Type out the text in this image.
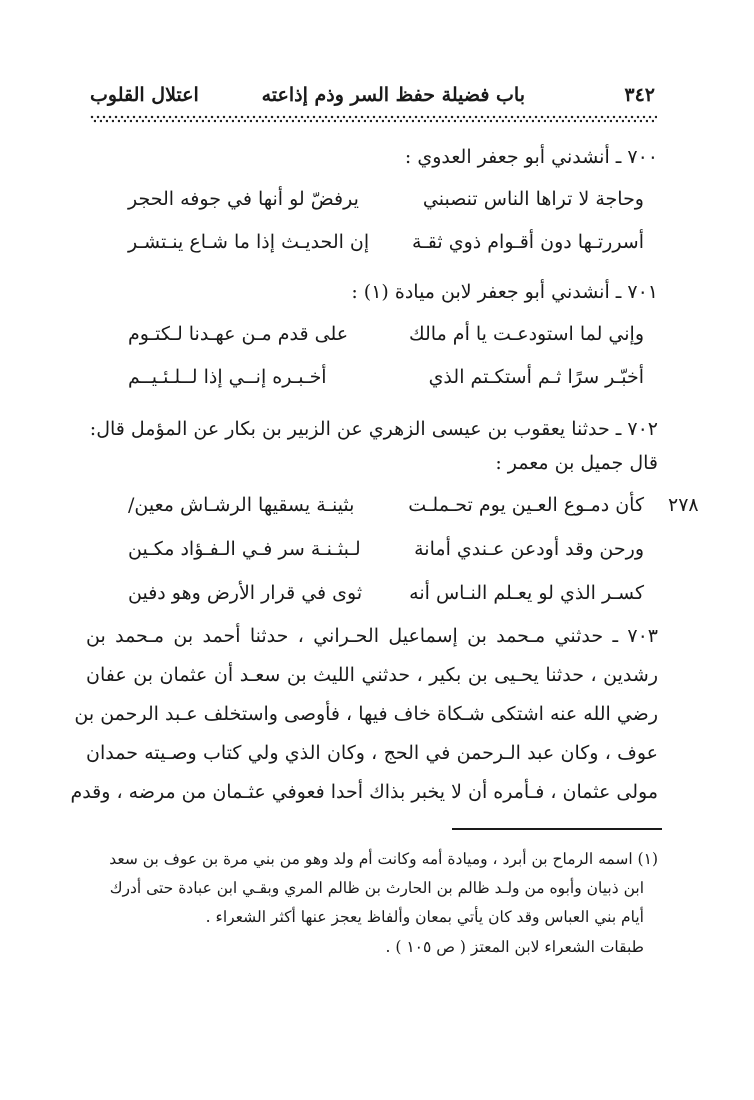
٣٤٢
باب فضيلة حفظ السر وذم إذاعته
اعتلال القلوب
٧٠٠ ـ أنشدني أبو جعفر العدوي :
وحاجة لا تراها الناس تنصبني
يرفضّ لو أنها في جوفه الحجر
أسررتـها دون أقـوام ذوي ثقـة
إن الحديـث إذا ما شـاع ينـتشـر
٧٠١ ـ أنشدني أبو جعفر لابن ميادة (١) :
وإني لما استودعـت يا أم مالك
على قدم مـن عهـدنا لـكتـوم
أخبّـر سرًا ثـم أستكـتم الذي
أخـبـره إنــي إذا لــلـئـيــم
٧٠٢ ـ حدثنا يعقوب بن عيسى الزهري عن الزبير بن بكار عن المؤمل قال:
قال جميل بن معمر :
٢٧٨
كأن دمـوع العـين يوم تحـملـت
بثينـة يسقيها الرشـاش معين/
ورحن وقد أودعن عـندي أمانة
لـبثـنـة سر فـي الـفـؤاد مكـين
كسـر الذي لو يعـلم النـاس أنه
ثوى في قرار الأرض وهو دفين
٧٠٣ ـ حدثني مـحمد بن إسماعيل الحـراني ، حدثنا أحمد بن مـحمد بن
رشدين ، حدثنا يحـيى بن بكير ، حدثني الليث بن سعـد أن عثمان بن عفان
رضي الله عنه اشتكى شـكاة خاف فيها ، فأوصى واستخلف عـبد الرحمن بن
عوف ، وكان عبد الـرحمن في الحج ، وكان الذي ولي كتاب وصـيته حمدان
مولى عثمان ، فـأمره أن لا يخبر بذاك أحدا فعوفي عثـمان من مرضه ، وقدم
(١) اسمه الرماح بن أبرد ، وميادة أمه وكانت أم ولد وهو من بني مرة بن عوف بن سعد
ابن ذبيان وأبوه من ولـد ظالم بن الحارث بن ظالم المري وبقـي ابن عبادة حتى أدرك
أيام بني العباس وقد كان يأتي بمعان وألفاظ يعجز عنها أكثر الشعراء .
طبقات الشعراء لابن المعتز ( ص ١٠٥ ) .
